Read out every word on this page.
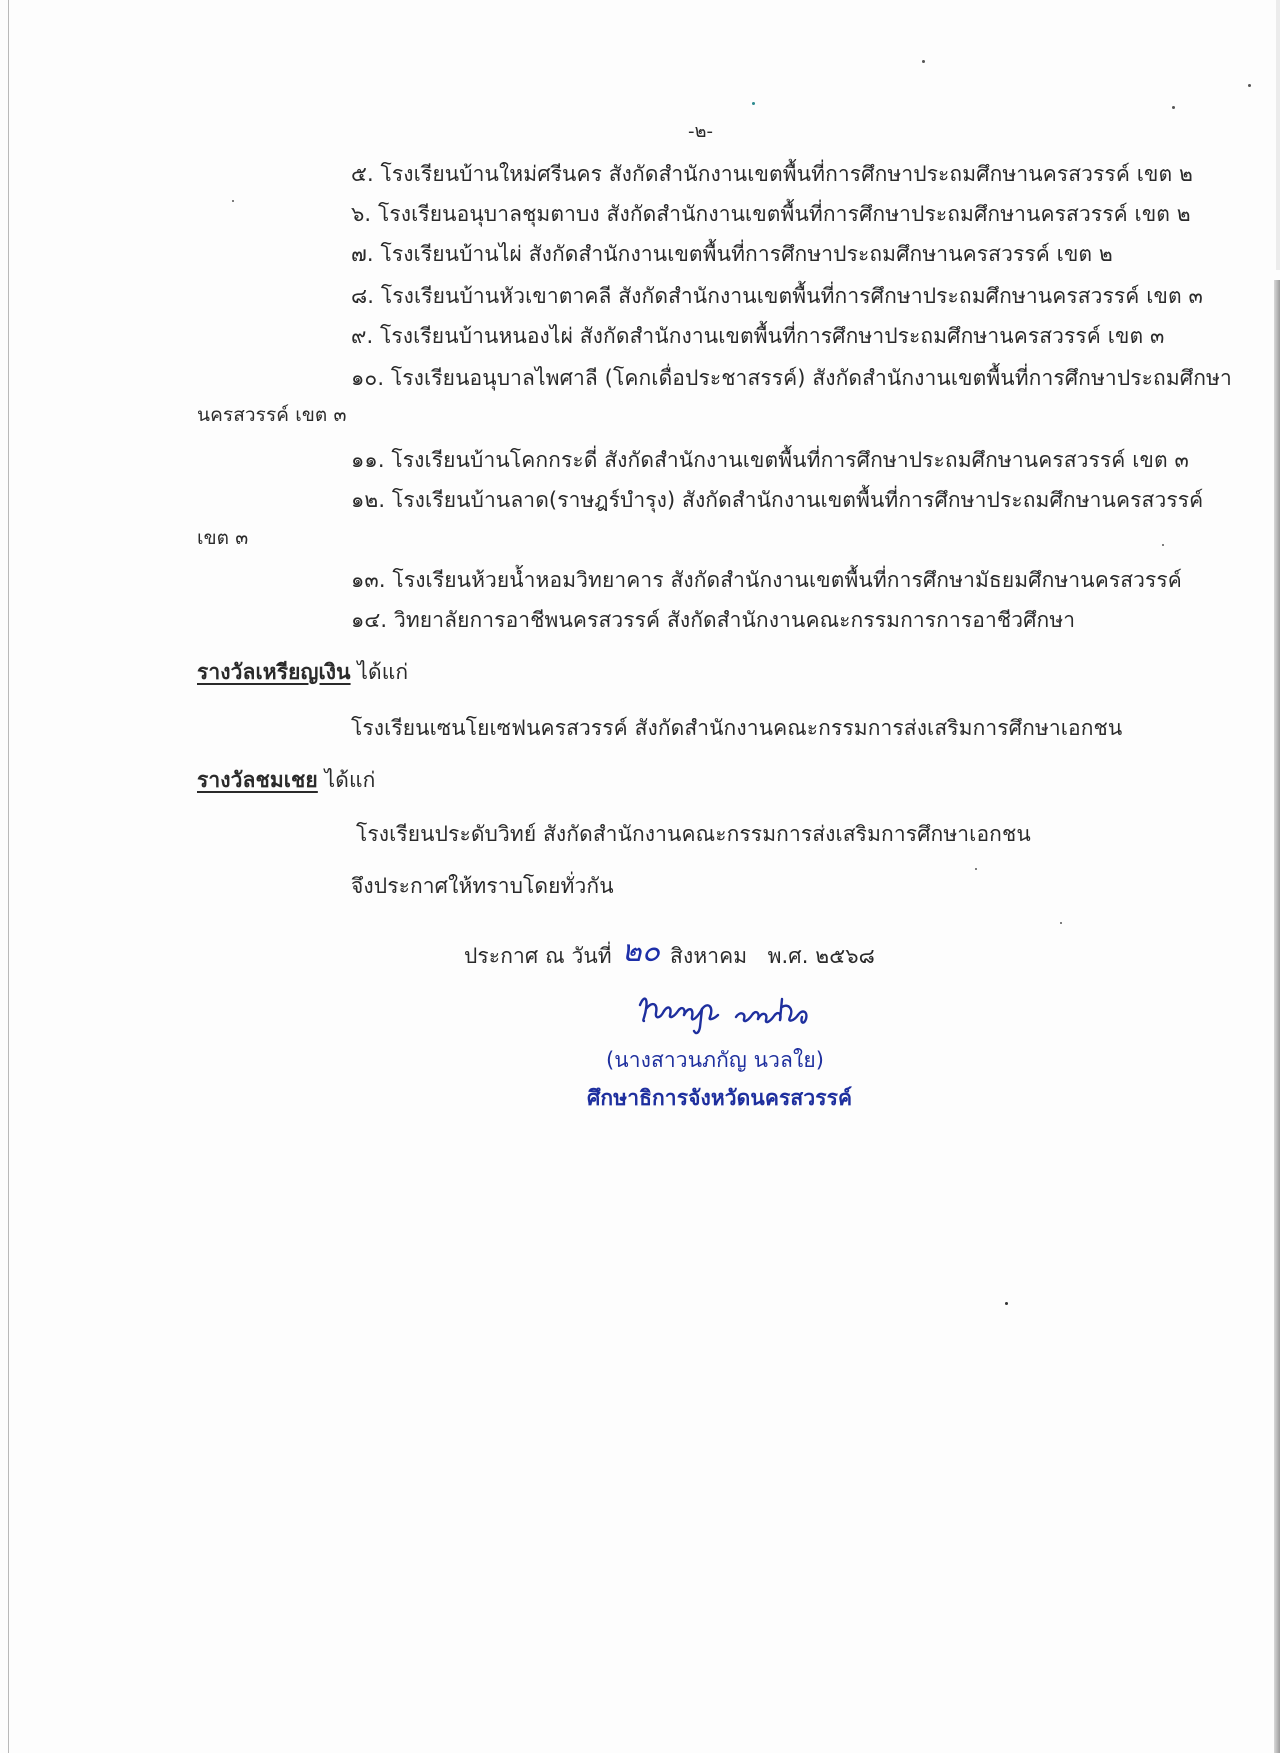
-๒-
๕. โรงเรียนบ้านใหม่ศรีนคร สังกัดสำนักงานเขตพื้นที่การศึกษาประถมศึกษานครสวรรค์ เขต ๒
๖. โรงเรียนอนุบาลชุมตาบง สังกัดสำนักงานเขตพื้นที่การศึกษาประถมศึกษานครสวรรค์ เขต ๒
๗. โรงเรียนบ้านไผ่ สังกัดสำนักงานเขตพื้นที่การศึกษาประถมศึกษานครสวรรค์ เขต ๒
๘. โรงเรียนบ้านหัวเขาตาคลี สังกัดสำนักงานเขตพื้นที่การศึกษาประถมศึกษานครสวรรค์ เขต ๓
๙. โรงเรียนบ้านหนองไผ่ สังกัดสำนักงานเขตพื้นที่การศึกษาประถมศึกษานครสวรรค์ เขต ๓
๑๐. โรงเรียนอนุบาลไพศาลี (โคกเดื่อประชาสรรค์) สังกัดสำนักงานเขตพื้นที่การศึกษาประถมศึกษา
นครสวรรค์ เขต ๓
๑๑. โรงเรียนบ้านโคกกระดี่ สังกัดสำนักงานเขตพื้นที่การศึกษาประถมศึกษานครสวรรค์ เขต ๓
๑๒. โรงเรียนบ้านลาด(ราษฎร์บำรุง) สังกัดสำนักงานเขตพื้นที่การศึกษาประถมศึกษานครสวรรค์
เขต ๓
๑๓. โรงเรียนห้วยน้ำหอมวิทยาคาร สังกัดสำนักงานเขตพื้นที่การศึกษามัธยมศึกษานครสวรรค์
๑๔. วิทยาลัยการอาชีพนครสวรรค์ สังกัดสำนักงานคณะกรรมการการอาชีวศึกษา
รางวัลเหรียญเงิน ได้แก่
โรงเรียนเซนโยเซฟนครสวรรค์ สังกัดสำนักงานคณะกรรมการส่งเสริมการศึกษาเอกชน
รางวัลชมเชย ได้แก่
โรงเรียนประดับวิทย์ สังกัดสำนักงานคณะกรรมการส่งเสริมการศึกษาเอกชน
จึงประกาศให้ทราบโดยทั่วกัน
ประกาศ ณ วันที่ ๒๐ สิงหาคม พ.ศ. ๒๕๖๘
(นางสาวนภกัญ นวลใย)
ศึกษาธิการจังหวัดนครสวรรค์
